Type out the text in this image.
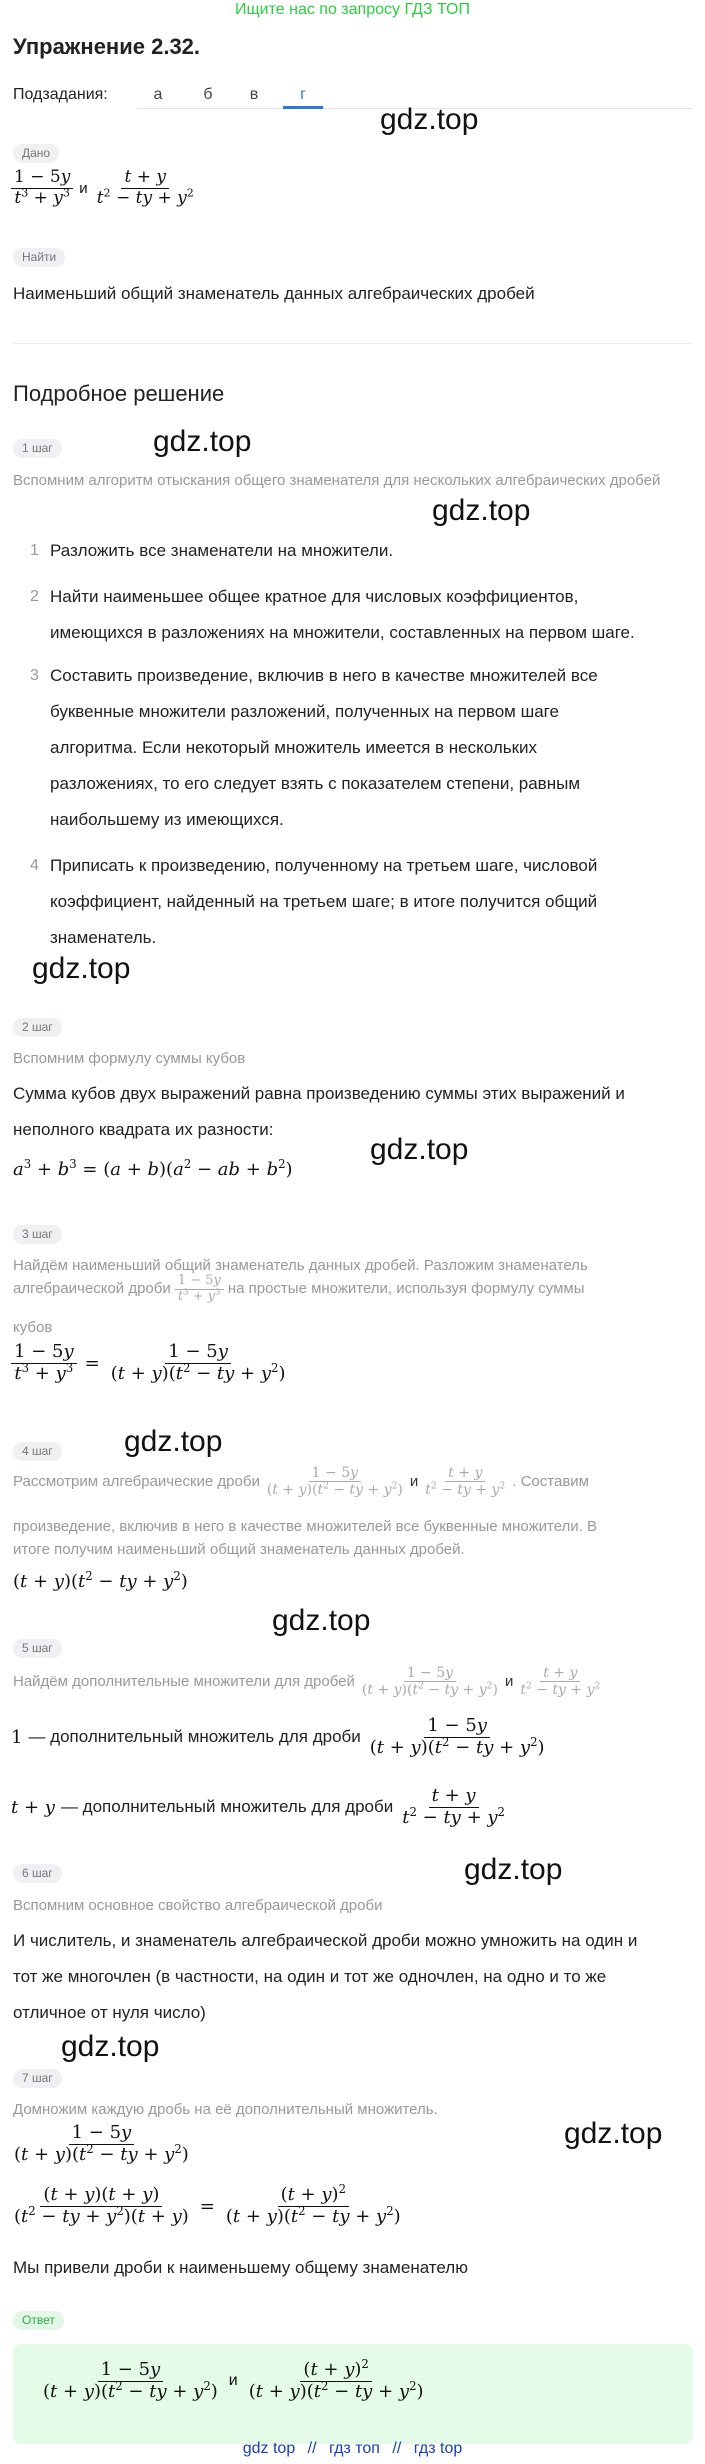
Ищите нас по запросу ГДЗ ТОП
Упражнение 2.32.
Подзадания:	а	б	в	г
gdz.top
gdz.top
gdz.top
gdz.top
gdz.top
gdz.top
gdz.top
gdz.top
gdz.top
gdz.top
Дано
$\frac{1 - 5y}{t^3 + y^3}$ и $\frac{t + y}{t^2 - ty + y^2}$
Найти
Наименьший общий знаменатель данных алгебраических дробей
Подробное решение
1 шаг
Вспомним алгоритм отыскания общего знаменателя для нескольких алгебраических дробей
1 Разложить все знаменатели на множители.
2 Найти наименьшее общее кратное для числовых коэффициентов,
имеющихся в разложениях на множители, составленных на первом шаге.
3 Составить произведение, включив в него в качестве множителей все
буквенные множители разложений, полученных на первом шаге
алгоритма. Если некоторый множитель имеется в нескольких
разложениях, то его следует взять с показателем степени, равным
наибольшему из имеющихся.
4 Приписать к произведению, полученному на третьем шаге, числовой
коэффициент, найденный на третьем шаге; в итоге получится общий
знаменатель.
2 шаг
Вспомним формулу суммы кубов
Сумма кубов двух выражений равна произведению суммы этих выражений и
неполного квадрата их разности:
$a^3 + b^3 = (a + b)(a^2$ − ab + $b^2$)
3 шаг
Найдём наименьший общий знаменатель данных дробей. Разложим знаменатель
алгебраической дроби $\frac{1 - 5y}{t^3 + y^3}$ на простые множители, используя формулу суммы
кубов
$\frac{1 - 5y}{t^3 + y^3} = \frac{1 - 5y}{(t + y)(t^2 - ty + y^2)}$
4 шаг
Рассмотрим алгебраические дроби $\frac{1 - 5y}{(t + y)(t^2 - ty + y^2)}$ и $\frac{t + y}{t^2 - ty + y^2}$ . Составим
произведение, включив в него в качестве множителей все буквенные множители. В
итоге получим наименьший общий знаменатель данных дробей.
$(t + y)(t^2$ − ty + $y^2$)
5 шаг
Найдём дополнительные множители для дробей $\frac{1 - 5y}{(t + y)(t^2 - ty + y^2)}$ и $\frac{t + y}{t^2 - ty + y^2}$
1 — дополнительный множитель для дроби $\frac{1 - 5y}{(t + y)(t^2 - ty + y^2)}$
t + y — дополнительный множитель для дроби $\frac{t + y}{t^2 - ty + y^2}$
6 шаг
Вспомним основное свойство алгебраической дроби
И числитель, и знаменатель алгебраической дроби можно умножить на один и
тот же многочлен (в частности, на один и тот же одночлен, на одно и то же
отличное от нуля число)
7 шаг
Домножим каждую дробь на её дополнительный множитель.
$\frac{1 - 5y}{(t + y)(t^2 - ty + y^2)}$
$\frac{(t + y)(t + y)}{(t^2 - ty + y^2)(t + y)} = \frac{(t + y)^2}{(t + y)(t^2 - ty + y^2)}$
Мы привели дроби к наименьшему общему знаменателю
Ответ
$\frac{1 - 5y}{(t + y)(t^2 - ty + y^2)}$ и $\frac{(t + y)^2}{(t + y)(t^2 - ty + y^2)}$
gdz top // гдз топ // гдз top
